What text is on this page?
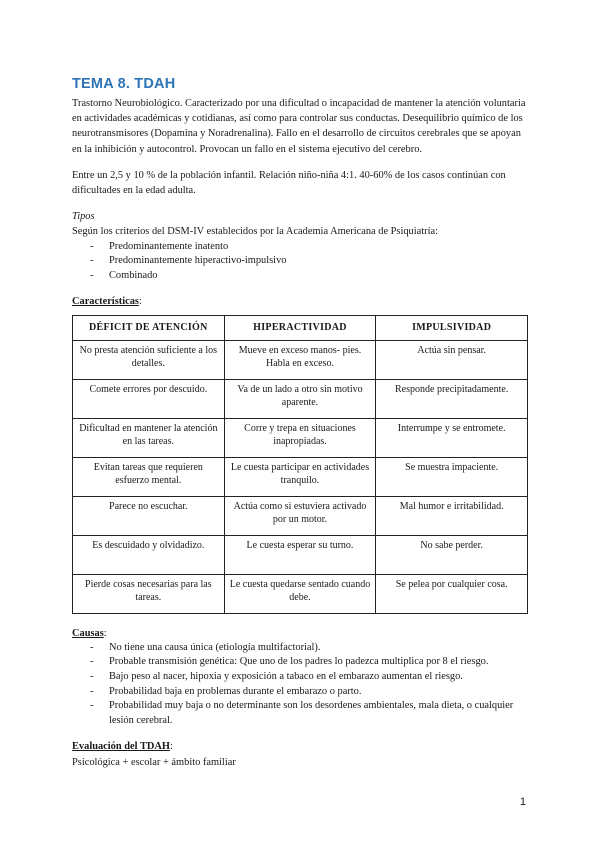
TEMA 8. TDAH

Trastorno Neurobiológico. Caracterizado por una dificultad o incapacidad de mantener la atención voluntaria en actividades académicas y cotidianas, así como para controlar sus conductas. Desequilibrio químico de los neurotransmisores (Dopamina y Noradrenalina). Fallo en el desarrollo de circuitos cerebrales que se apoyan en la inhibición y autocontrol. Provocan un fallo en el sistema ejecutivo del cerebro.

Entre un 2,5 y 10 % de la población infantil. Relación niño-niña 4:1. 40-60% de los casos continúan con dificultades en la edad adulta.

Tipos

Según los criterios del DSM-IV establecidos por la Academia Americana de Psiquiatría:

- Predominantemente inatento
- Predominantemente hiperactivo-impulsivo
- Combinado

Características:

DÉFICIT DE ATENCIÓN	HIPERACTIVIDAD	IMPULSIVIDAD
No presta atención suficiente a los detalles.	Mueve en exceso manos- pies. Habla en exceso.	Actúa sin pensar.
Comete errores por descuido.	Va de un lado a otro sin motivo aparente.	Responde precipitadamente.
Dificultad en mantener la atención en las tareas.	Corre y trepa en situaciones inapropiadas.	Interrumpe y se entromete.
Evitan tareas que requieren esfuerzo mental.	Le cuesta participar en actividades tranquilo.	Se muestra impaciente.
Parece no escuchar.	Actúa como si estuviera activado por un motor.	Mal humor e irritabilidad.
Es descuidado y olvidadizo.	Le cuesta esperar su turno.	No sabe perder.
Pierde cosas necesarias para las tareas.	Le cuesta quedarse sentado cuando debe.	Se pelea por cualquier cosa.

Causas:

- No tiene una causa única (etiología multifactorial).
- Probable transmisión genética: Que uno de los padres lo padezca multiplica por 8 el riesgo.
- Bajo peso al nacer, hipoxia y exposición a tabaco en el embarazo aumentan el riesgo.
- Probabilidad baja en problemas durante el embarazo o parto.
- Probabilidad muy baja o no determinante son los desordenes ambientales, mala dieta, o cualquier lesión cerebral.

Evaluación del TDAH:

Psicológica + escolar + ámbito familiar

1
